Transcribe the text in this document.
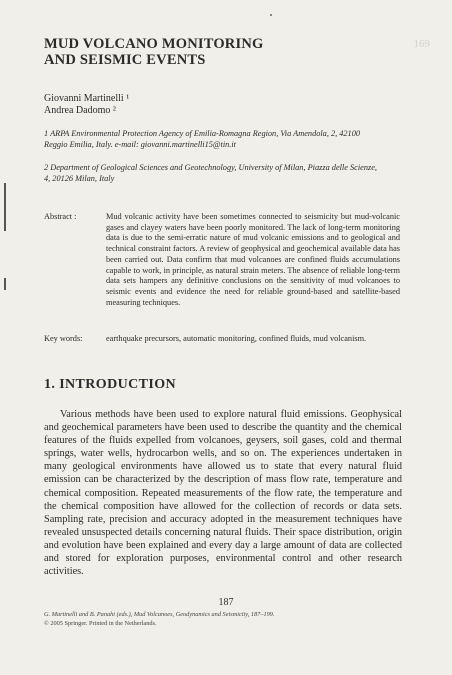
169
MUD VOLCANO MONITORING
AND SEISMIC EVENTS
Giovanni Martinelli ¹
Andrea Dadomo ²
1 ARPA Environmental Protection Agency of Emilia-Romagna Region, Via Amendola, 2, 42100 Reggio Emilia, Italy. e-mail: giovanni.martinelli15@tin.it
2 Department of Geological Sciences and Geotechnology, University of Milan, Piazza delle Scienze, 4, 20126 Milan, Italy
Abstract :	Mud volcanic activity have been sometimes connected to seismicity but mud-volcanic gases and clayey waters have been poorly monitored. The lack of long-term monitoring data is due to the semi-erratic nature of mud volcanic emissions and to geological and technical constraint factors. A review of geophysical and geochemical available data has been carried out. Data confirm that mud volcanoes are confined fluids accumulations capable to work, in principle, as natural strain meters. The absence of reliable long-term data sets hampers any definitive conclusions on the sensitivity of mud volcanoes to seismic events and evidence the need for reliable ground-based and satellite-based measuring techniques.
Key words:	earthquake precursors, automatic monitoring, confined fluids, mud volcanism.
1. INTRODUCTION
Various methods have been used to explore natural fluid emissions. Geophysical and geochemical parameters have been used to describe the quantity and the chemical features of the fluids expelled from volcanoes, geysers, soil gases, cold and thermal springs, water wells, hydrocarbon wells, and so on. The experiences undertaken in many geological environments have allowed us to state that every natural fluid emission can be characterized by the description of mass flow rate, temperature and chemical composition. Repeated measurements of the flow rate, the temperature and the chemical composition have allowed for the collection of records or data sets. Sampling rate, precision and accuracy adopted in the measurement techniques have revealed unsuspected details concerning natural fluids. Their space distribution, origin and evolution have been explained and every day a large amount of data are collected and stored for exploration purposes, environmental control and other research activities.
187
G. Martinelli and B. Panahi (eds.), Mud Volcanoes, Geodynamics and Seismicity, 187–199.
© 2005 Springer. Printed in the Netherlands.
